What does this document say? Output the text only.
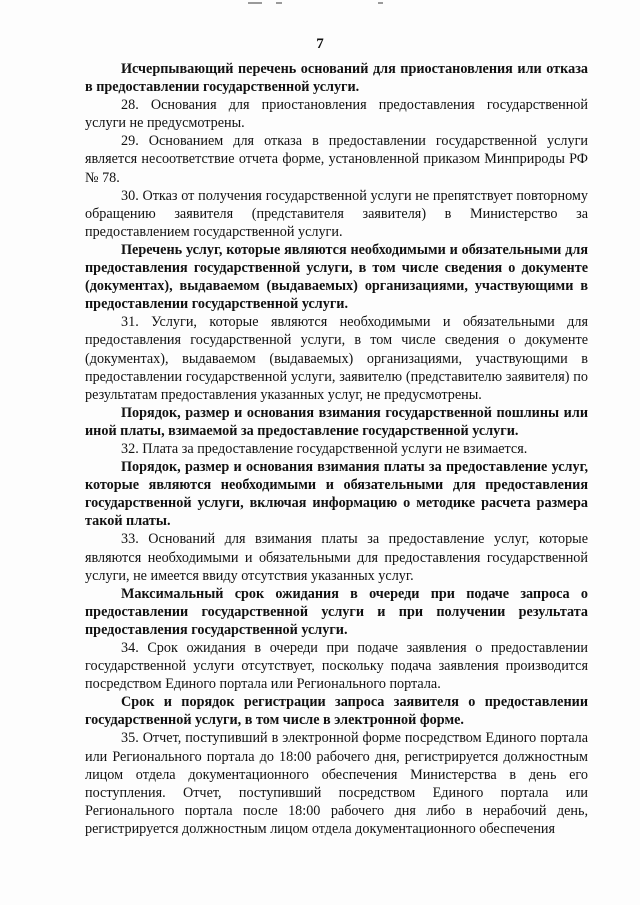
7

Исчерпывающий перечень оснований для приостановления или отказа в предоставлении государственной услуги.

28. Основания для приостановления предоставления государственной услуги не предусмотрены.

29. Основанием для отказа в предоставлении государственной услуги является несоответствие отчета форме, установленной приказом Минприроды РФ № 78.

30. Отказ от получения государственной услуги не препятствует повторному обращению заявителя (представителя заявителя) в Министерство за предоставлением государственной услуги.

Перечень услуг, которые являются необходимыми и обязательными для предоставления государственной услуги, в том числе сведения о документе (документах), выдаваемом (выдаваемых) организациями, участвующими в предоставлении государственной услуги.

31. Услуги, которые являются необходимыми и обязательными для предоставления государственной услуги, в том числе сведения о документе (документах), выдаваемом (выдаваемых) организациями, участвующими в предоставлении государственной услуги, заявителю (представителю заявителя) по результатам предоставления указанных услуг, не предусмотрены.

Порядок, размер и основания взимания государственной пошлины или иной платы, взимаемой за предоставление государственной услуги.

32. Плата за предоставление государственной услуги не взимается.

Порядок, размер и основания взимания платы за предоставление услуг, которые являются необходимыми и обязательными для предоставления государственной услуги, включая информацию о методике расчета размера такой платы.

33. Оснований для взимания платы за предоставление услуг, которые являются необходимыми и обязательными для предоставления государственной услуги, не имеется ввиду отсутствия указанных услуг.

Максимальный срок ожидания в очереди при подаче запроса о предоставлении государственной услуги и при получении результата предоставления государственной услуги.

34. Срок ожидания в очереди при подаче заявления о предоставлении государственной услуги отсутствует, поскольку подача заявления производится посредством Единого портала или Регионального портала.

Срок и порядок регистрации запроса заявителя о предоставлении государственной услуги, в том числе в электронной форме.

35. Отчет, поступивший в электронной форме посредством Единого портала или Регионального портала до 18:00 рабочего дня, регистрируется должностным лицом отдела документационного обеспечения Министерства в день его поступления. Отчет, поступивший посредством Единого портала или Регионального портала после 18:00 рабочего дня либо в нерабочий день, регистрируется должностным лицом отдела документационного обеспечения
